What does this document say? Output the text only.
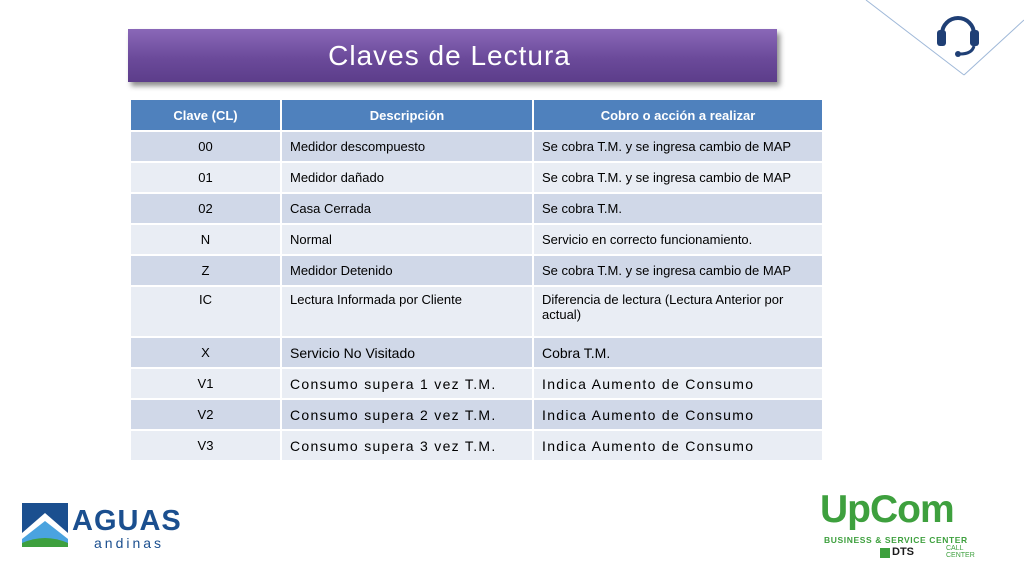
Claves de Lectura
Clave (CL)	Descripción	Cobro o acción a realizar
00	Medidor descompuesto	Se cobra T.M. y se ingresa cambio de MAP
01	Medidor dañado	Se cobra T.M. y se ingresa cambio de MAP
02	Casa Cerrada	Se cobra T.M.
N	Normal	Servicio en correcto funcionamiento.
Z	Medidor Detenido	Se cobra T.M. y se ingresa cambio de MAP
IC	Lectura Informada por Cliente	Diferencia de lectura (Lectura Anterior por actual)
X	Servicio No Visitado	Cobra T.M.
V1	Consumo supera 1 vez T.M.	Indica Aumento de Consumo
V2	Consumo supera 2 vez T.M.	Indica Aumento de Consumo
V3	Consumo supera 3 vez T.M.	Indica Aumento de Consumo
AGUAS
andinas
UpCom
BUSINESS & SERVICE CENTER
DTS	CALL CENTER
